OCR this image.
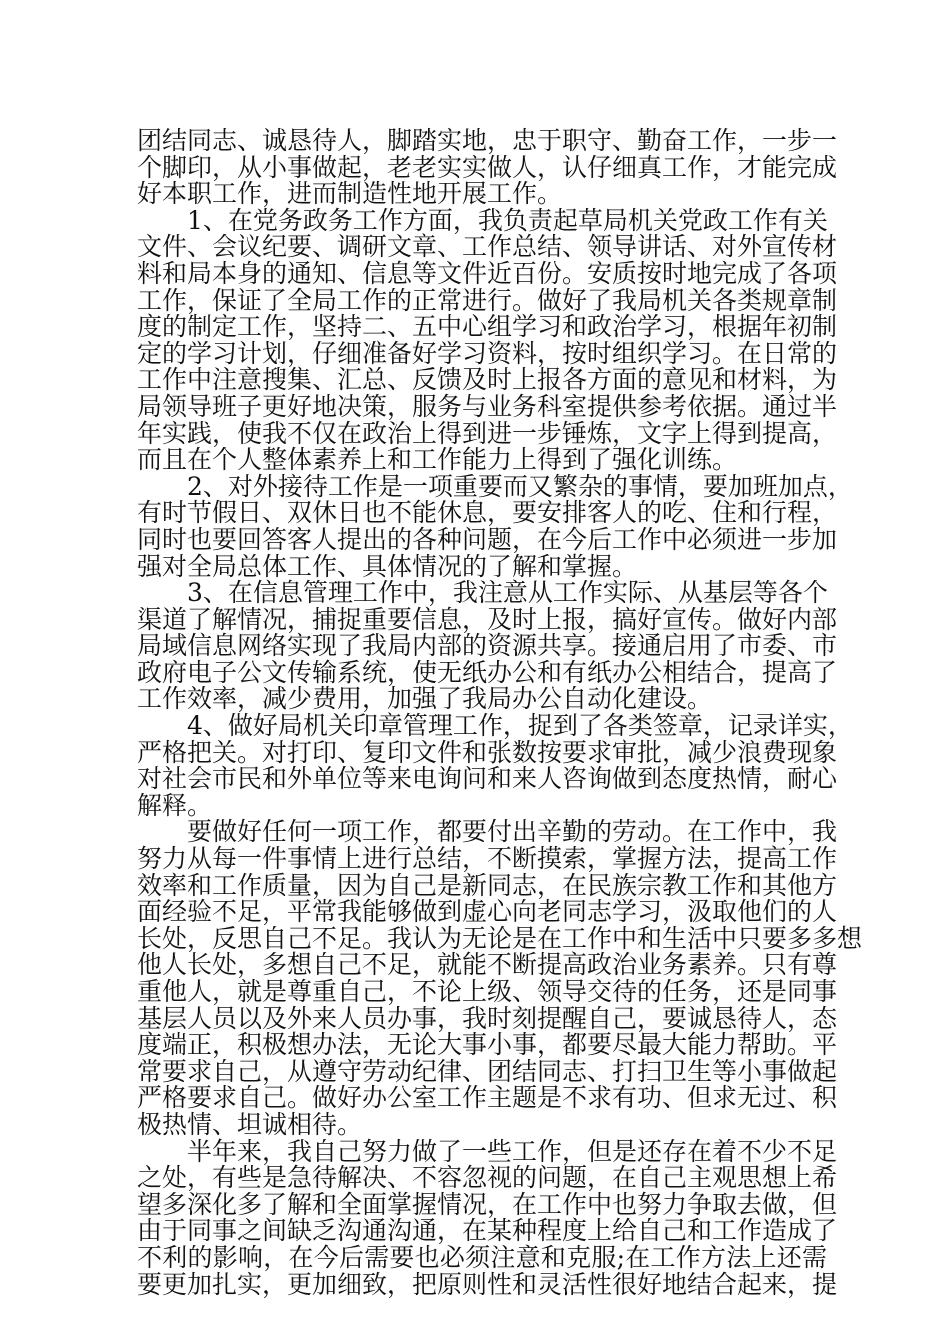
团结同志、诚恳待人，脚踏实地，忠于职守、勤奋工作，一步一
个脚印，从小事做起，老老实实做人，认仔细真工作，才能完成
好本职工作，进而制造性地开展工作。
1、在党务政务工作方面，我负责起草局机关党政工作有关
文件、会议纪要、调研文章、工作总结、领导讲话、对外宣传材
料和局本身的通知、信息等文件近百份。安质按时地完成了各项
工作，保证了全局工作的正常进行。做好了我局机关各类规章制
度的制定工作，坚持二、五中心组学习和政治学习，根据年初制
定的学习计划，仔细准备好学习资料，按时组织学习。在日常的
工作中注意搜集、汇总、反馈及时上报各方面的意见和材料，为
局领导班子更好地决策，服务与业务科室提供参考依据。通过半
年实践，使我不仅在政治上得到进一步锤炼，文字上得到提高，
而且在个人整体素养上和工作能力上得到了强化训练。
2、对外接待工作是一项重要而又繁杂的事情，要加班加点，
有时节假日、双休日也不能休息，要安排客人的吃、住和行程，
同时也要回答客人提出的各种问题，在今后工作中必须进一步加
强对全局总体工作、具体情况的了解和掌握。
3、在信息管理工作中，我注意从工作实际、从基层等各个
渠道了解情况，捕捉重要信息，及时上报，搞好宣传。做好内部
局域信息网络实现了我局内部的资源共享。接通启用了市委、市
政府电子公文传输系统，使无纸办公和有纸办公相结合，提高了
工作效率，减少费用，加强了我局办公自动化建设。
4、做好局机关印章管理工作，捉到了各类签章，记录详实，
严格把关。对打印、复印文件和张数按要求审批，减少浪费现象
对社会市民和外单位等来电询问和来人咨询做到态度热情，耐心
解释。
要做好任何一项工作，都要付出辛勤的劳动。在工作中，我
努力从每一件事情上进行总结，不断摸索，掌握方法，提高工作
效率和工作质量，因为自己是新同志，在民族宗教工作和其他方
面经验不足，平常我能够做到虚心向老同志学习，汲取他们的人
长处，反思自己不足。我认为无论是在工作中和生活中只要多多想
他人长处，多想自己不足，就能不断提高政治业务素养。只有尊
重他人，就是尊重自己，不论上级、领导交待的任务，还是同事
基层人员以及外来人员办事，我时刻提醒自己，要诚恳待人，态
度端正，积极想办法，无论大事小事，都要尽最大能力帮助。平
常要求自己，从遵守劳动纪律、团结同志、打扫卫生等小事做起
严格要求自己。做好办公室工作主题是不求有功、但求无过、积
极热情、坦诚相待。
半年来，我自己努力做了一些工作，但是还存在着不少不足
之处，有些是急待解决、不容忽视的问题，在自己主观思想上希
望多深化多了解和全面掌握情况，在工作中也努力争取去做，但
由于同事之间缺乏沟通沟通，在某种程度上给自己和工作造成了
不利的影响，在今后需要也必须注意和克服;在工作方法上还需
要更加扎实，更加细致，把原则性和灵活性很好地结合起来，提
